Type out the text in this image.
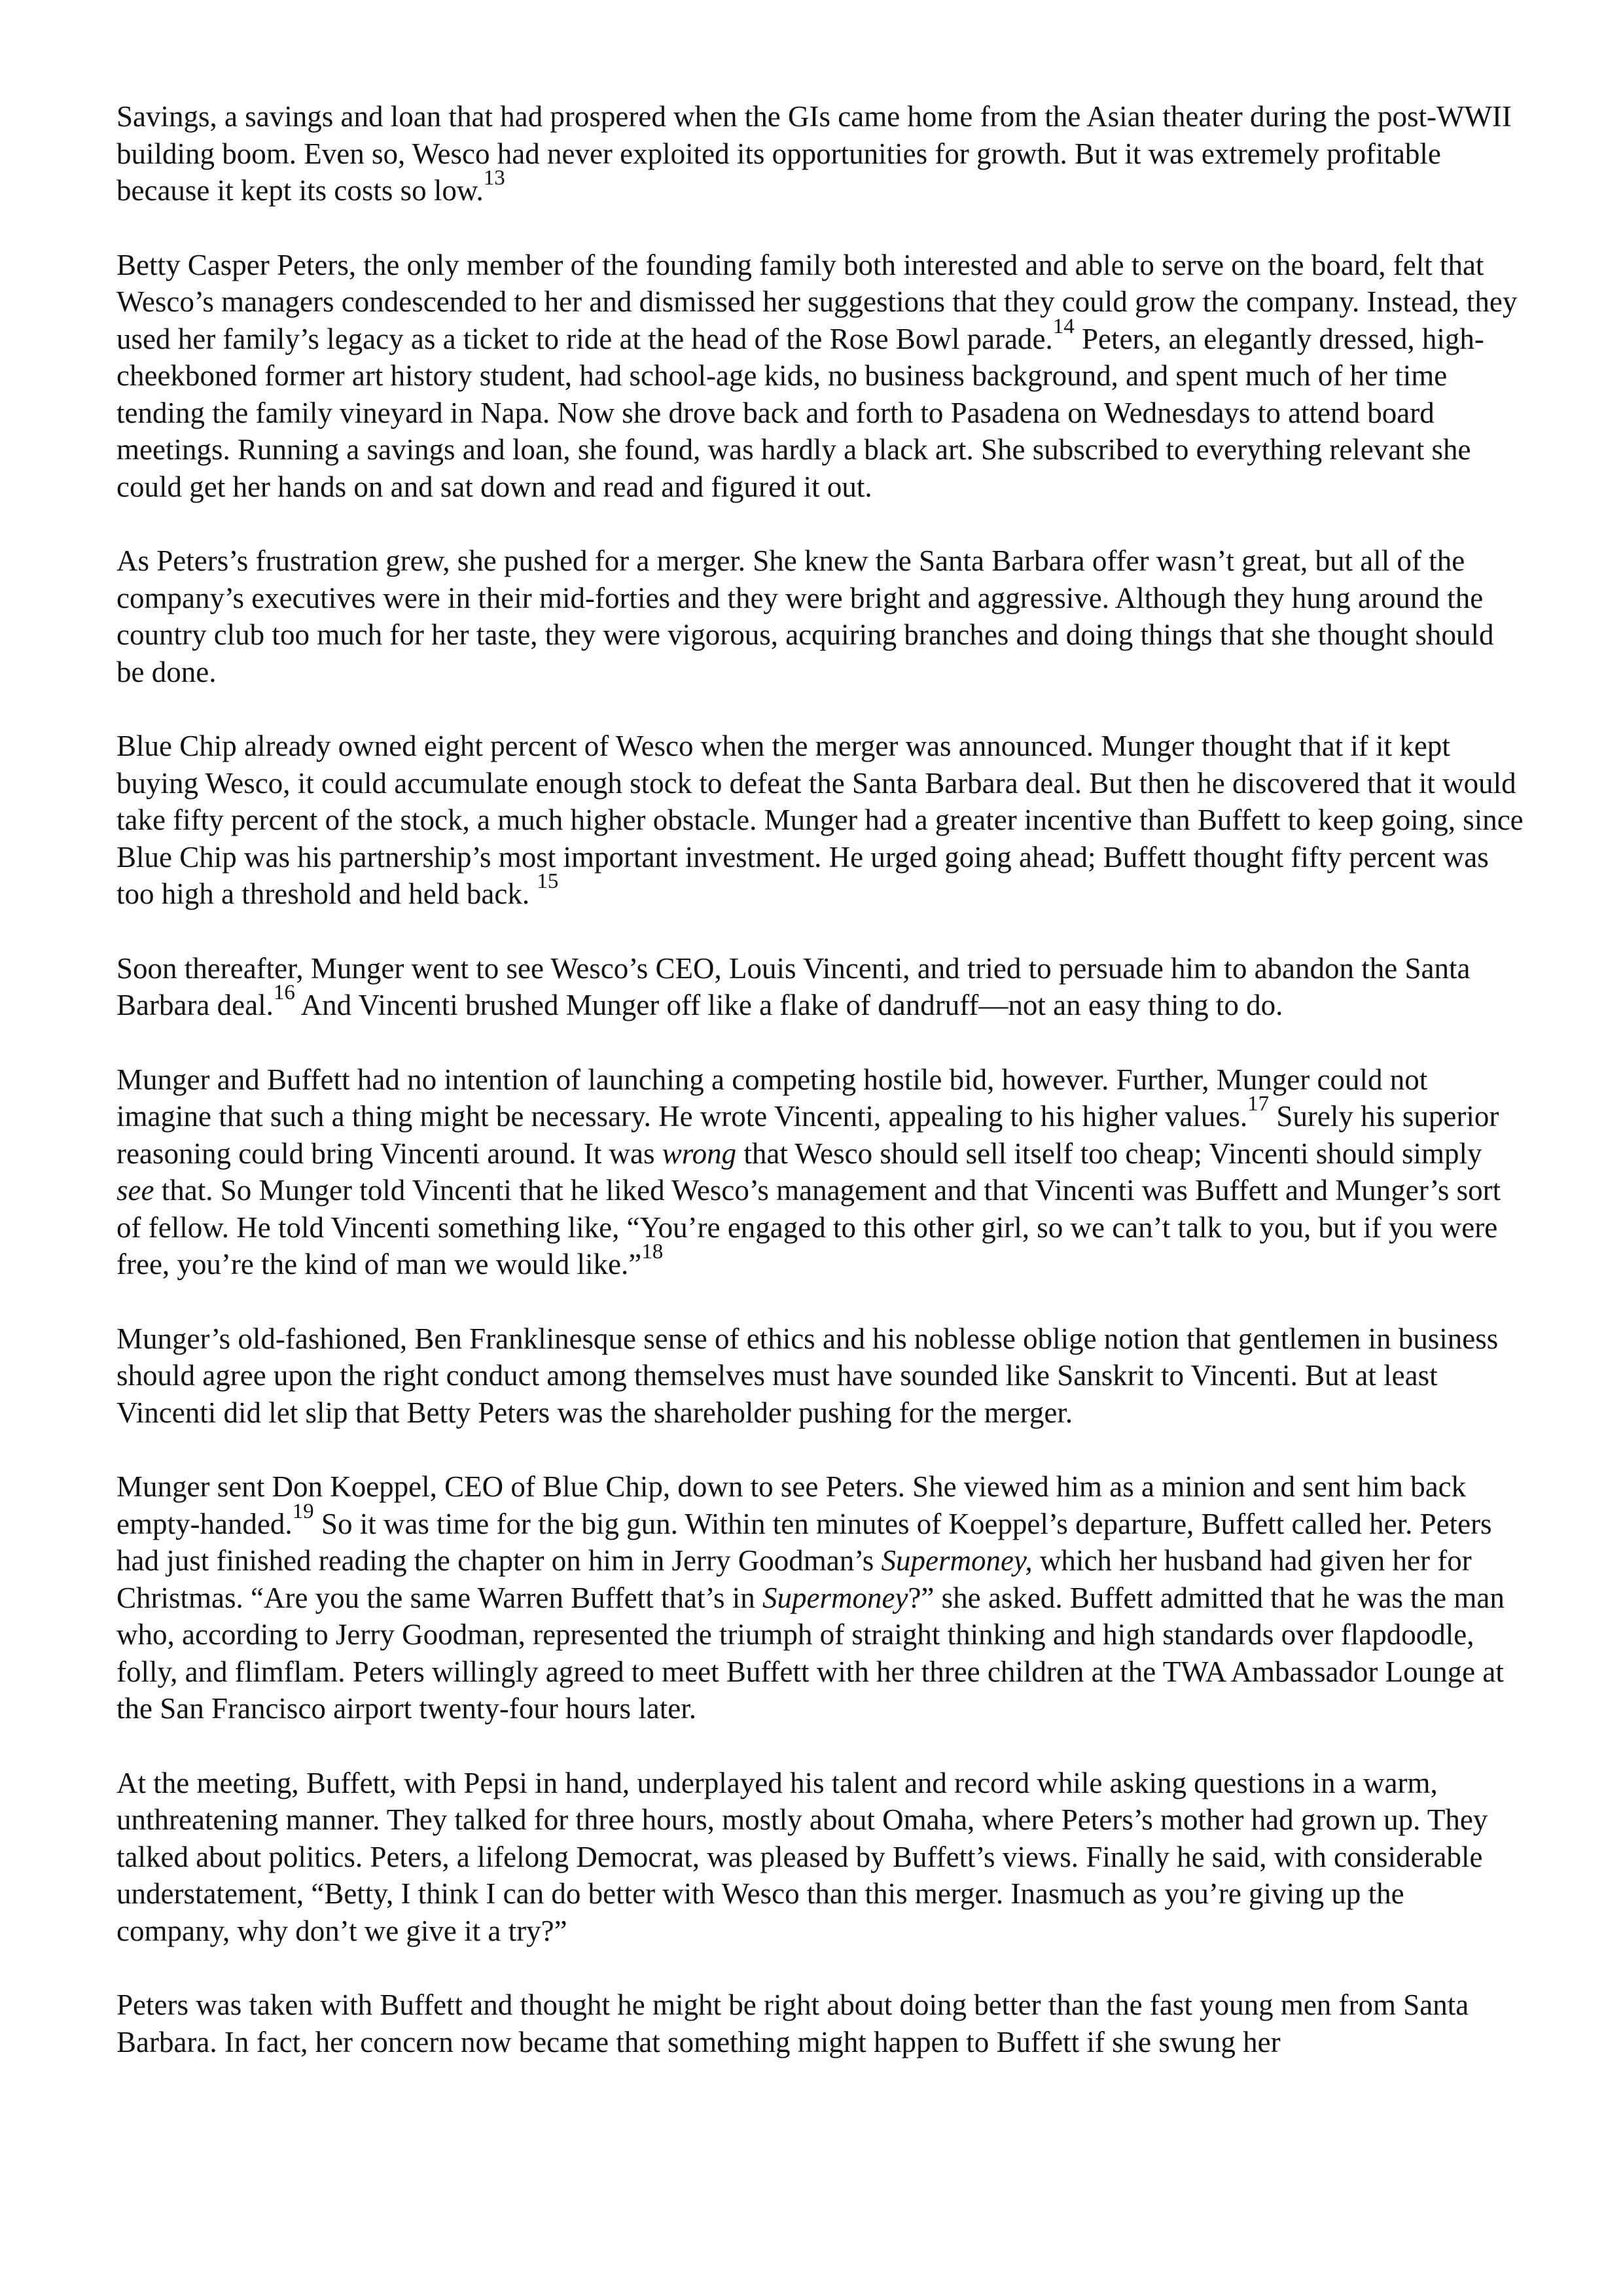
Savings, a savings and loan that had prospered when the GIs came home from the Asian theater during the post-WWII building boom. Even so, Wesco had never exploited its opportunities for growth. But it was extremely profitable because it kept its costs so low.$^{13}$

Betty Casper Peters, the only member of the founding family both interested and able to serve on the board, felt that Wesco’s managers condescended to her and dismissed her suggestions that they could grow the company. Instead, they used her family’s legacy as a ticket to ride at the head of the Rose Bowl parade.$^{14}$ Peters, an elegantly dressed, high-cheekboned former art history student, had school-age kids, no business background, and spent much of her time tending the family vineyard in Napa. Now she drove back and forth to Pasadena on Wednesdays to attend board meetings. Running a savings and loan, she found, was hardly a black art. She subscribed to everything relevant she could get her hands on and sat down and read and figured it out.

As Peters’s frustration grew, she pushed for a merger. She knew the Santa Barbara offer wasn’t great, but all of the company’s executives were in their mid-forties and they were bright and aggressive. Although they hung around the country club too much for her taste, they were vigorous, acquiring branches and doing things that she thought should be done.

Blue Chip already owned eight percent of Wesco when the merger was announced. Munger thought that if it kept buying Wesco, it could accumulate enough stock to defeat the Santa Barbara deal. But then he discovered that it would take fifty percent of the stock, a much higher obstacle. Munger had a greater incentive than Buffett to keep going, since Blue Chip was his partnership’s most important investment. He urged going ahead; Buffett thought fifty percent was too high a threshold and held back. $^{15}$

Soon thereafter, Munger went to see Wesco’s CEO, Louis Vincenti, and tried to persuade him to abandon the Santa Barbara deal.$^{16}$ And Vincenti brushed Munger off like a flake of dandruff—not an easy thing to do.

Munger and Buffett had no intention of launching a competing hostile bid, however. Further, Munger could not imagine that such a thing might be necessary. He wrote Vincenti, appealing to his higher values.$^{17}$ Surely his superior reasoning could bring Vincenti around. It was wrong that Wesco should sell itself too cheap; Vincenti should simply see that. So Munger told Vincenti that he liked Wesco’s management and that Vincenti was Buffett and Munger’s sort of fellow. He told Vincenti something like, “You’re engaged to this other girl, so we can’t talk to you, but if you were free, you’re the kind of man we would like.”$^{18}$

Munger’s old-fashioned, Ben Franklinesque sense of ethics and his noblesse oblige notion that gentlemen in business should agree upon the right conduct among themselves must have sounded like Sanskrit to Vincenti. But at least Vincenti did let slip that Betty Peters was the shareholder pushing for the merger.

Munger sent Don Koeppel, CEO of Blue Chip, down to see Peters. She viewed him as a minion and sent him back empty-handed.$^{19}$ So it was time for the big gun. Within ten minutes of Koeppel’s departure, Buffett called her. Peters had just finished reading the chapter on him in Jerry Goodman’s Supermoney, which her husband had given her for Christmas. “Are you the same Warren Buffett that’s in Supermoney?” she asked. Buffett admitted that he was the man who, according to Jerry Goodman, represented the triumph of straight thinking and high standards over flapdoodle, folly, and flimflam. Peters willingly agreed to meet Buffett with her three children at the TWA Ambassador Lounge at the San Francisco airport twenty-four hours later.

At the meeting, Buffett, with Pepsi in hand, underplayed his talent and record while asking questions in a warm, unthreatening manner. They talked for three hours, mostly about Omaha, where Peters’s mother had grown up. They talked about politics. Peters, a lifelong Democrat, was pleased by Buffett’s views. Finally he said, with considerable understatement, “Betty, I think I can do better with Wesco than this merger. Inasmuch as you’re giving up the company, why don’t we give it a try?”

Peters was taken with Buffett and thought he might be right about doing better than the fast young men from Santa Barbara. In fact, her concern now became that something might happen to Buffett if she swung her
